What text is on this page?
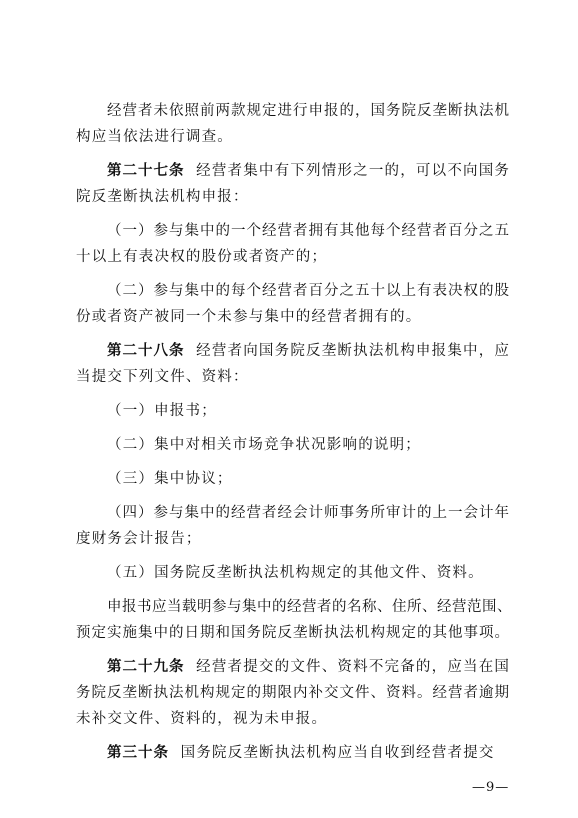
经营者未依照前两款规定进行申报的，国务院反垄断执法机
构应当依法进行调查。
第二十七条  经营者集中有下列情形之一的，可以不向国务
院反垄断执法机构申报：
（一）参与集中的一个经营者拥有其他每个经营者百分之五
十以上有表决权的股份或者资产的；
（二）参与集中的每个经营者百分之五十以上有表决权的股
份或者资产被同一个未参与集中的经营者拥有的。
第二十八条  经营者向国务院反垄断执法机构申报集中，应
当提交下列文件、资料：
（一）申报书；
（二）集中对相关市场竞争状况影响的说明；
（三）集中协议；
（四）参与集中的经营者经会计师事务所审计的上一会计年
度财务会计报告；
（五）国务院反垄断执法机构规定的其他文件、资料。
申报书应当载明参与集中的经营者的名称、住所、经营范围、
预定实施集中的日期和国务院反垄断执法机构规定的其他事项。
第二十九条  经营者提交的文件、资料不完备的，应当在国
务院反垄断执法机构规定的期限内补交文件、资料。经营者逾期
未补交文件、资料的，视为未申报。
第三十条  国务院反垄断执法机构应当自收到经营者提交
—9—
